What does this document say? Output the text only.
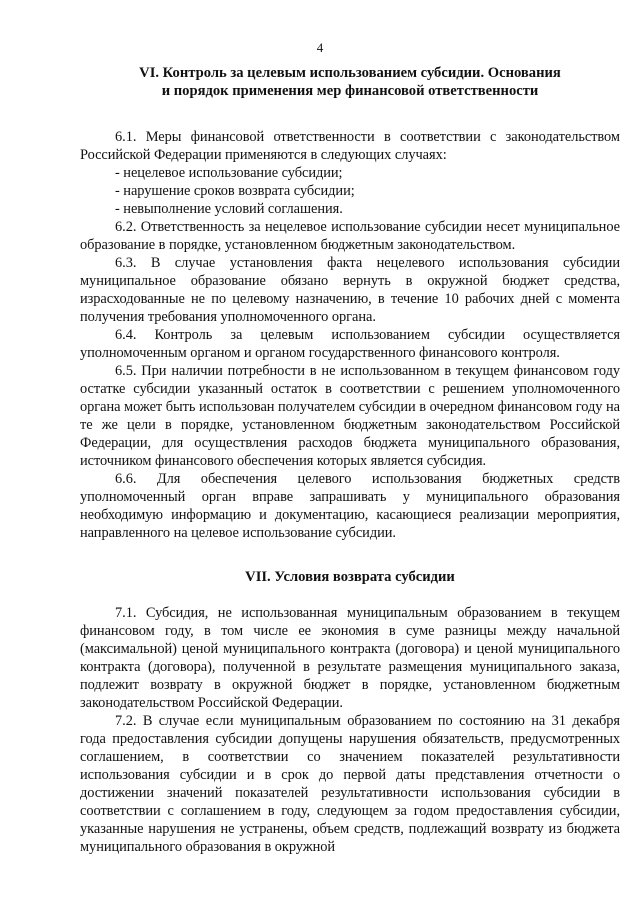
4
VI. Контроль за целевым использованием субсидии. Основания
и порядок применения мер финансовой ответственности

6.1. Меры финансовой ответственности в соответствии с законодательством Российской Федерации применяются в следующих случаях:

- нецелевое использование субсидии;

- нарушение сроков возврата субсидии;

- невыполнение условий соглашения.

6.2. Ответственность за нецелевое использование субсидии несет муниципальное образование в порядке, установленном бюджетным законодательством.

6.3. В случае установления факта нецелевого использования субсидии муниципальное образование обязано вернуть в окружной бюджет средства, израсходованные не по целевому назначению, в течение 10 рабочих дней с момента получения требования уполномоченного органа.

6.4. Контроль за целевым использованием субсидии осуществляется уполномоченным органом и органом государственного финансового контроля.

6.5. При наличии потребности в не использованном в текущем финансовом году остатке субсидии указанный остаток в соответствии с решением уполномоченного органа может быть использован получателем субсидии в очередном финансовом году на те же цели в порядке, установленном бюджетным законодательством Российской Федерации, для осуществления расходов бюджета муниципального образования, источником финансового обеспечения которых является субсидия.

6.6. Для обеспечения целевого использования бюджетных средств уполномоченный орган вправе запрашивать у муниципального образования необходимую информацию и документацию, касающиеся реализации мероприятия, направленного на целевое использование субсидии.

VII. Условия возврата субсидии

7.1. Субсидия, не использованная муниципальным образованием в текущем финансовом году, в том числе ее экономия в суме разницы между начальной (максимальной) ценой муниципального контракта (договора) и ценой муниципального контракта (договора), полученной в результате размещения муниципального заказа, подлежит возврату в окружной бюджет в порядке, установленном бюджетным законодательством Российской Федерации.

7.2. В случае если муниципальным образованием по состоянию на 31 декабря года предоставления субсидии допущены нарушения обязательств, предусмотренных соглашением, в соответствии со значением показателей результативности использования субсидии и в срок до первой даты представления отчетности о достижении значений показателей результативности использования субсидии в соответствии с соглашением в году, следующем за годом предоставления субсидии, указанные нарушения не устранены, объем средств, подлежащий возврату из бюджета муниципального образования в окружной
